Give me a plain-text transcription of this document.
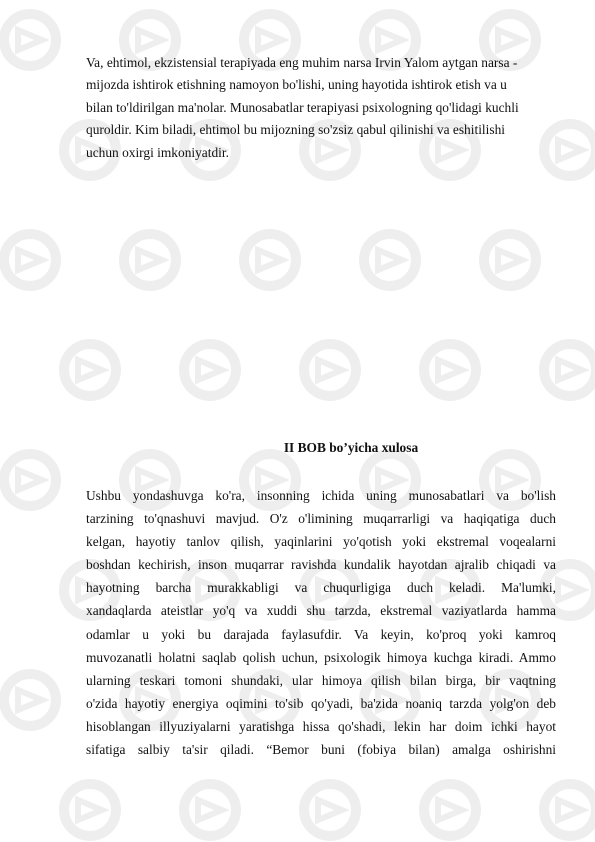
Va, ehtimol, ekzistensial terapiyada eng muhim narsa Irvin Yalom aytgan narsa -
mijozda ishtirok etishning namoyon bo'lishi, uning hayotida ishtirok etish va u
bilan to'ldirilgan ma'nolar. Munosabatlar terapiyasi psixologning qo'lidagi kuchli
quroldir. Kim biladi, ehtimol bu mijozning so'zsiz qabul qilinishi va eshitilishi
uchun oxirgi imkoniyatdir.
II BOB bo’yicha xulosa
Ushbu yondashuvga ko'ra, insonning ichida uning munosabatlari va bo'lish
tarzining to'qnashuvi mavjud. O'z o'limining muqarrarligi va haqiqatiga duch
kelgan, hayotiy tanlov qilish, yaqinlarini yo'qotish yoki ekstremal voqealarni
boshdan kechirish, inson muqarrar ravishda kundalik hayotdan ajralib chiqadi va
hayotning barcha murakkabligi va chuqurligiga duch keladi. Ma'lumki,
xandaqlarda ateistlar yo'q va xuddi shu tarzda, ekstremal vaziyatlarda hamma
odamlar u yoki bu darajada faylasufdir. Va keyin, ko'proq yoki kamroq
muvozanatli holatni saqlab qolish uchun, psixologik himoya kuchga kiradi. Ammo
ularning teskari tomoni shundaki, ular himoya qilish bilan birga, bir vaqtning
o'zida hayotiy energiya oqimini to'sib qo'yadi, ba'zida noaniq tarzda yolg'on deb
hisoblangan illyuziyalarni yaratishga hissa qo'shadi, lekin har doim ichki hayot
sifatiga salbiy ta'sir qiladi. “Bemor buni (fobiya bilan) amalga oshirishni
